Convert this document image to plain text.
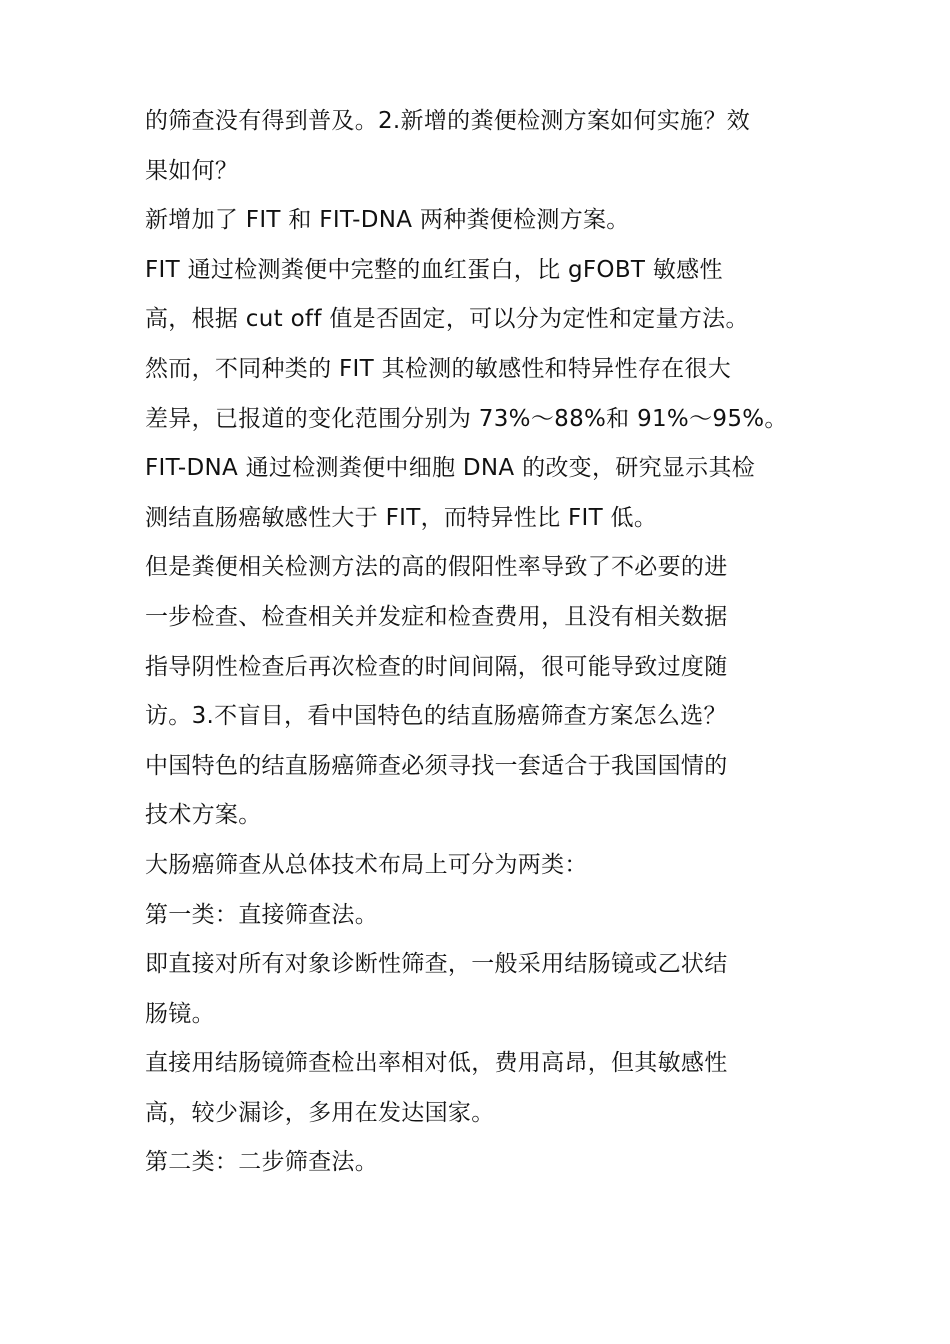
的筛查没有得到普及。2.新增的粪便检测方案如何实施？效
果如何？
新增加了 FIT 和 FIT-DNA 两种粪便检测方案。
FIT 通过检测粪便中完整的血红蛋白，比 gFOBT 敏感性
高，根据 cut off 值是否固定，可以分为定性和定量方法。
然而，不同种类的 FIT 其检测的敏感性和特异性存在很大
差异，已报道的变化范围分别为 73%～88%和 91%～95%。
FIT-DNA 通过检测粪便中细胞 DNA 的改变，研究显示其检
测结直肠癌敏感性大于 FIT，而特异性比 FIT 低。
但是粪便相关检测方法的高的假阳性率导致了不必要的进
一步检查、检查相关并发症和检查费用，且没有相关数据
指导阴性检查后再次检查的时间间隔，很可能导致过度随
访。3.不盲目，看中国特色的结直肠癌筛查方案怎么选？
中国特色的结直肠癌筛查必须寻找一套适合于我国国情的
技术方案。
大肠癌筛查从总体技术布局上可分为两类：
第一类：直接筛查法。
即直接对所有对象诊断性筛查，一般采用结肠镜或乙状结
肠镜。
直接用结肠镜筛查检出率相对低，费用高昂，但其敏感性
高，较少漏诊，多用在发达国家。
第二类：二步筛查法。
